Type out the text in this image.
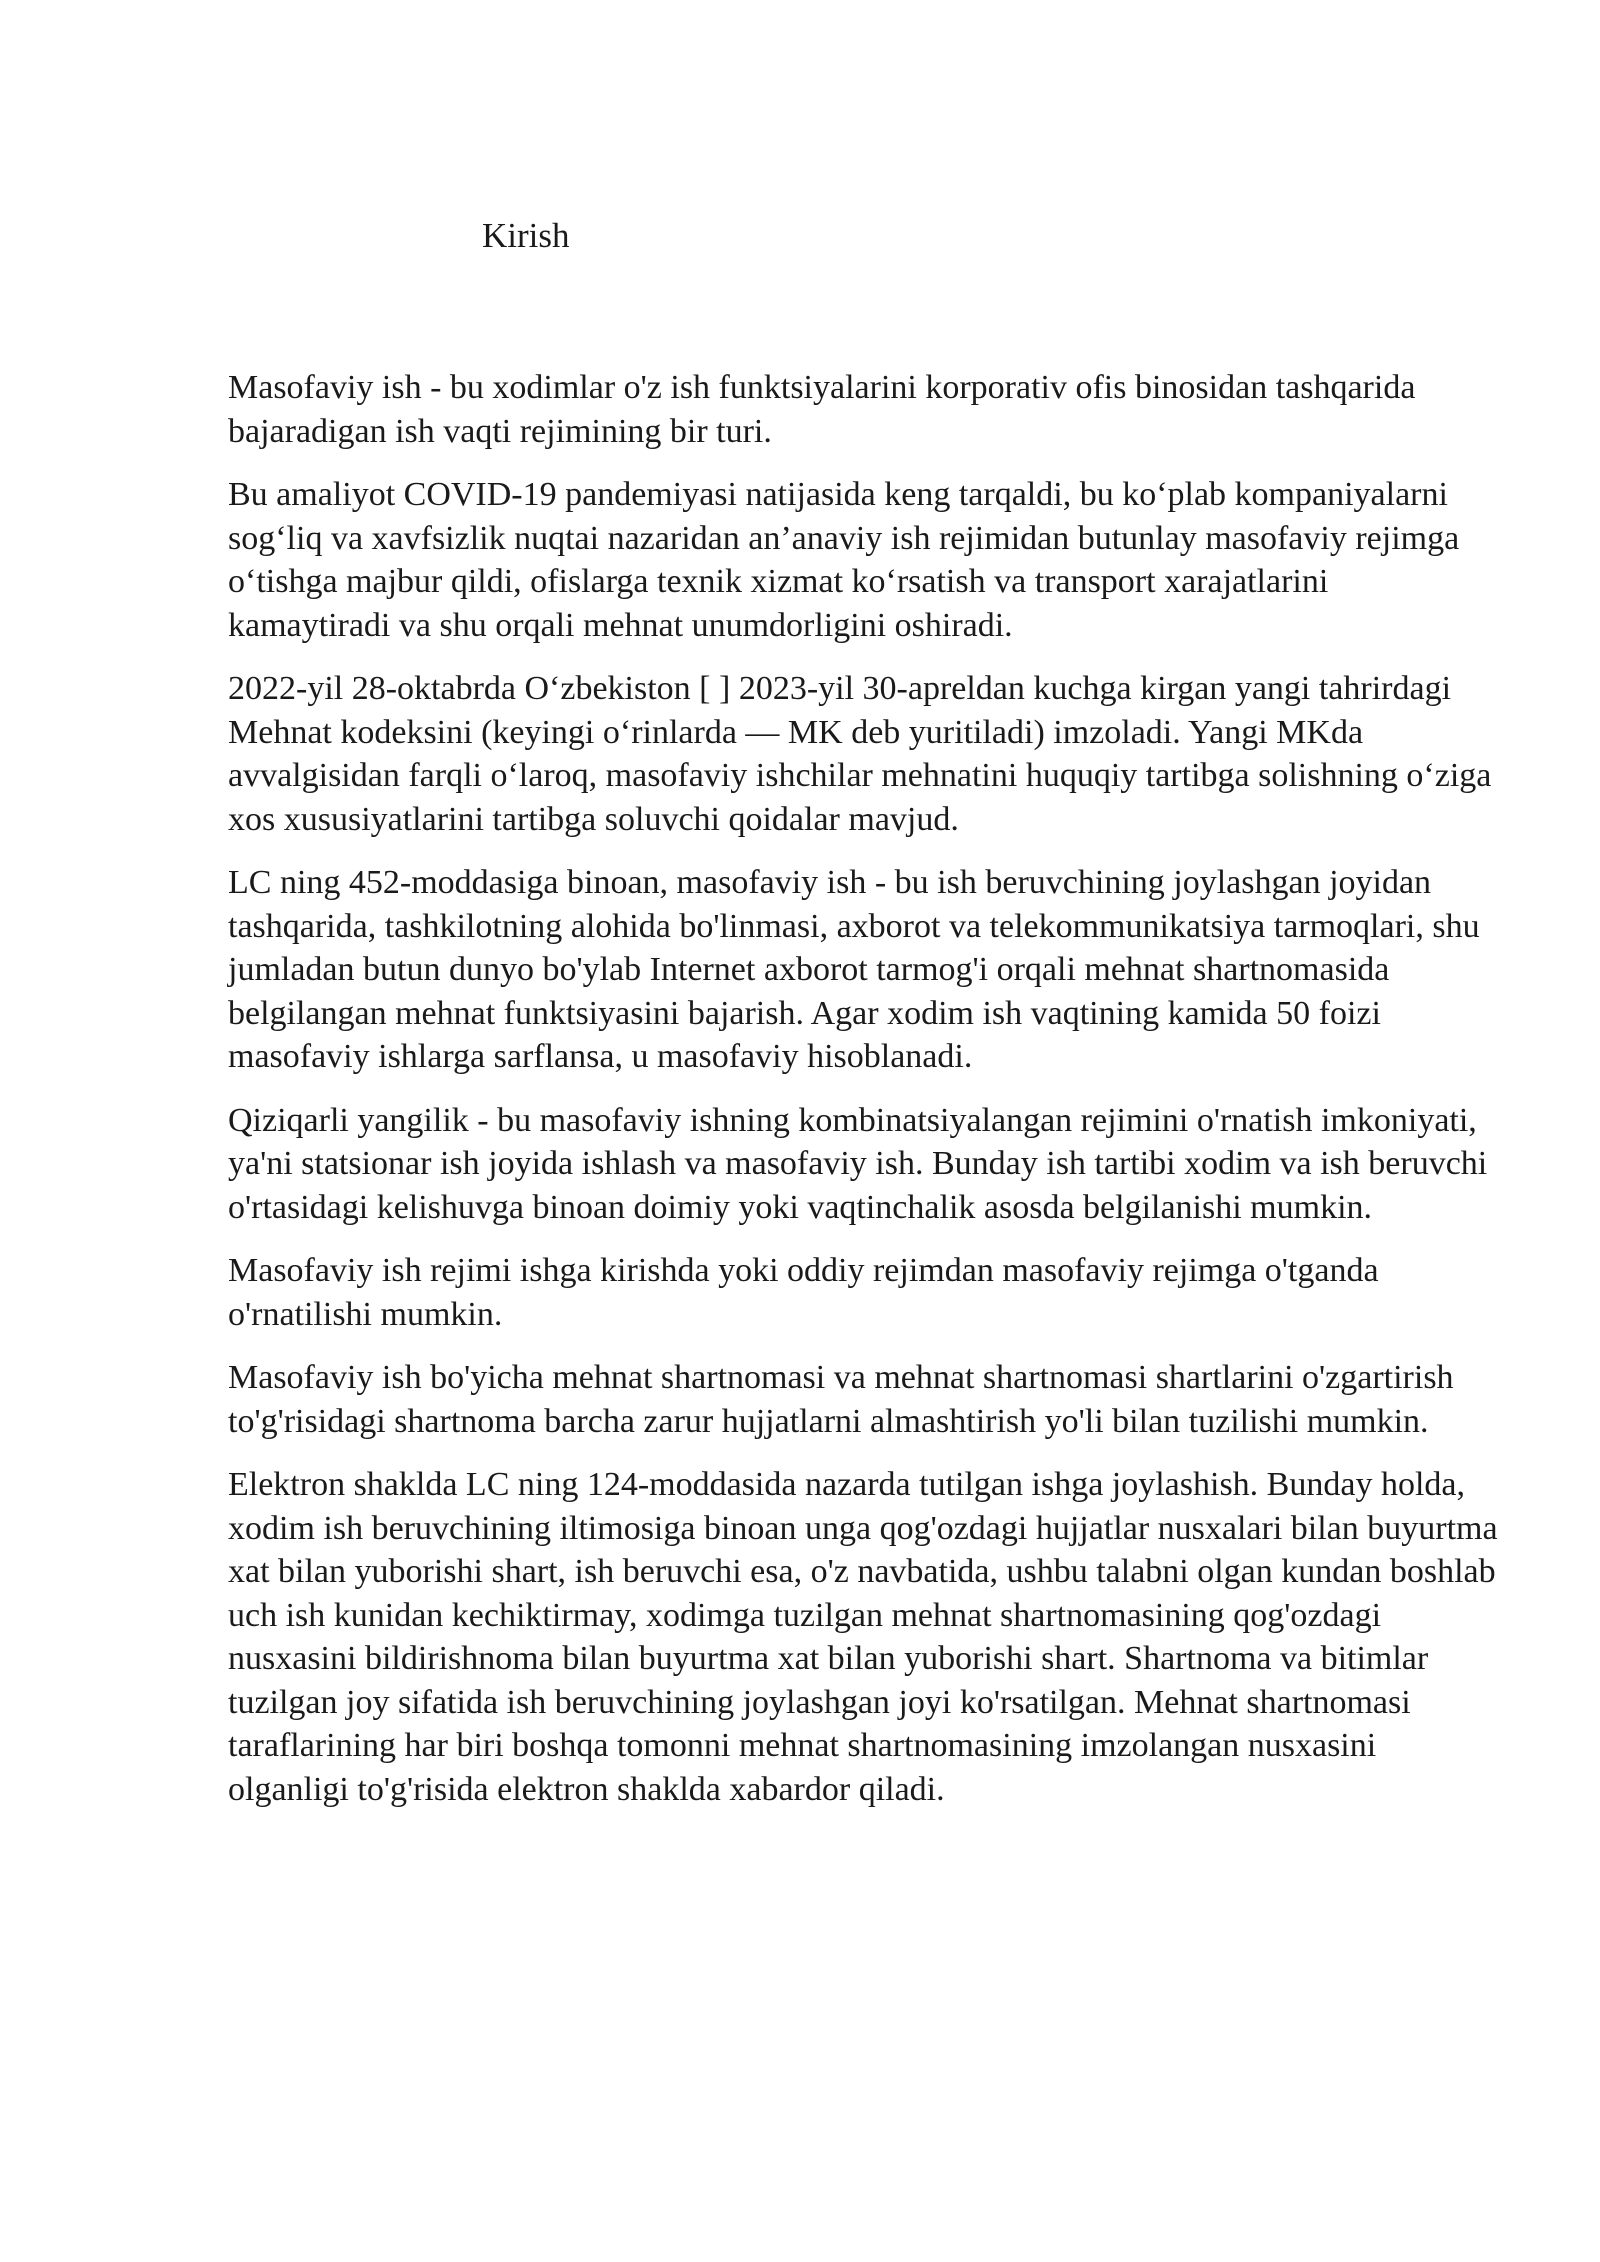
Kirish

Masofaviy ish - bu xodimlar o'z ish funktsiyalarini korporativ ofis binosidan tashqarida bajaradigan ish vaqti rejimining bir turi.

Bu amaliyot COVID-19 pandemiyasi natijasida keng tarqaldi, bu ko‘plab kompaniyalarni sog‘liq va xavfsizlik nuqtai nazaridan an’anaviy ish rejimidan butunlay masofaviy rejimga o‘tishga majbur qildi, ofislarga texnik xizmat ko‘rsatish va transport xarajatlarini kamaytiradi va shu orqali mehnat unumdorligini oshiradi.

2022-yil 28-oktabrda O‘zbekiston [ ] 2023-yil 30-apreldan kuchga kirgan yangi tahrirdagi Mehnat kodeksini (keyingi o‘rinlarda — MK deb yuritiladi) imzoladi. Yangi MKda avvalgisidan farqli o‘laroq, masofaviy ishchilar mehnatini huquqiy tartibga solishning o‘ziga xos xususiyatlarini tartibga soluvchi qoidalar mavjud.

LC ning 452-moddasiga binoan, masofaviy ish - bu ish beruvchining joylashgan joyidan tashqarida, tashkilotning alohida bo'linmasi, axborot va telekommunikatsiya tarmoqlari, shu jumladan butun dunyo bo'ylab Internet axborot tarmog'i orqali mehnat shartnomasida belgilangan mehnat funktsiyasini bajarish. Agar xodim ish vaqtining kamida 50 foizi masofaviy ishlarga sarflansa, u masofaviy hisoblanadi.

Qiziqarli yangilik - bu masofaviy ishning kombinatsiyalangan rejimini o'rnatish imkoniyati, ya'ni statsionar ish joyida ishlash va masofaviy ish. Bunday ish tartibi xodim va ish beruvchi o'rtasidagi kelishuvga binoan doimiy yoki vaqtinchalik asosda belgilanishi mumkin.

Masofaviy ish rejimi ishga kirishda yoki oddiy rejimdan masofaviy rejimga o'tganda o'rnatilishi mumkin.

Masofaviy ish bo'yicha mehnat shartnomasi va mehnat shartnomasi shartlarini o'zgartirish to'g'risidagi shartnoma barcha zarur hujjatlarni almashtirish yo'li bilan tuzilishi mumkin.

Elektron shaklda LC ning 124-moddasida nazarda tutilgan ishga joylashish. Bunday holda, xodim ish beruvchining iltimosiga binoan unga qog'ozdagi hujjatlar nusxalari bilan buyurtma xat bilan yuborishi shart, ish beruvchi esa, o'z navbatida, ushbu talabni olgan kundan boshlab uch ish kunidan kechiktirmay, xodimga tuzilgan mehnat shartnomasining qog'ozdagi nusxasini bildirishnoma bilan buyurtma xat bilan yuborishi shart. Shartnoma va bitimlar tuzilgan joy sifatida ish beruvchining joylashgan joyi ko'rsatilgan. Mehnat shartnomasi taraflarining har biri boshqa tomonni mehnat shartnomasining imzolangan nusxasini olganligi to'g'risida elektron shaklda xabardor qiladi.
